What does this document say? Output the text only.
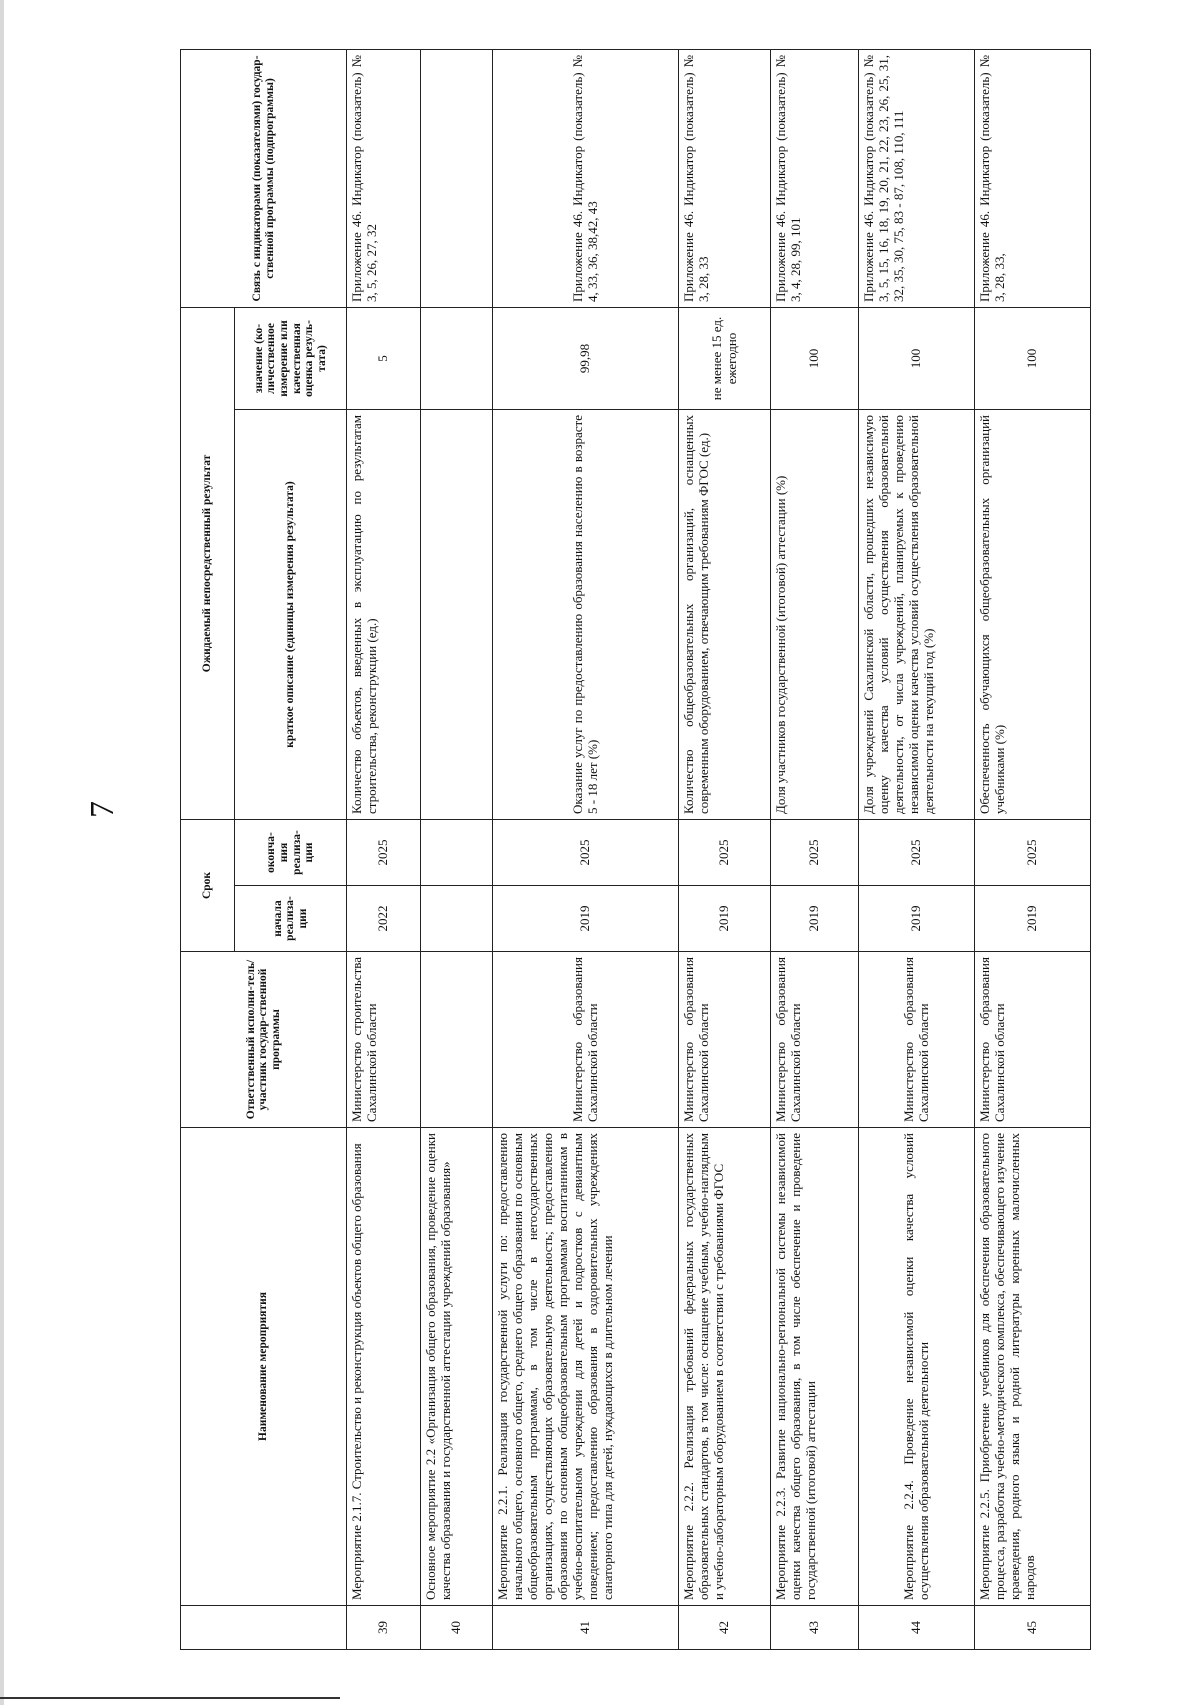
7
	Наименование мероприятия	Ответственный исполни-тель/участник государ-ственной программы	Срок		Ожидаемый непосредственный результат		Связь с индикаторами (показателями) государ-ственной программы (подпрограммы)
			начала реализа-ции	оконча-ния реализа-ции	краткое описание (единицы измерения результата)	значение (ко-личественное измерение или качественная оценка резуль-тата)	
39	Мероприятие 2.1.7. Строительство и реконструкция объектов общего образования	Министерство строительства Сахалинской области	2022	2025	Количество объектов, введенных в эксплуатацию по результатам строительства, реконструкции (ед.)	5	Приложение 46. Индикатор (показатель) № 3, 5, 26, 27, 32
40	Основное мероприятие 2.2 «Организация общего образования, проведение оценки качества образования и государственной аттестации учреждений образования»						
41	Мероприятие 2.2.1. Реализация государственной услуги по: предоставлению начального общего, основного общего, среднего общего образования по основным общеобразовательным программам, в том числе в негосударственных организациях, осуществляющих образовательную деятельность; предоставлению образования по основным общеобразовательным программам воспитанникам в учебно-воспитательном учреждении для детей и подростков с девиантным поведением; предоставлению образования в оздоровительных учреждениях санаторного типа для детей, нуждающихся в длительном лечении	Министерство образования Сахалинской области	2019	2025	Оказание услуг по предоставлению образования населению в возрасте 5 - 18 лет (%)	99,98	Приложение 46. Индикатор (показатель) № 4, 33, 36, 38,42, 43
42	Мероприятие 2.2.2. Реализация требований федеральных государственных образовательных стандартов, в том числе: оснащение учебным, учебно-наглядным и учебно-лабораторным оборудованием в соответствии с требованиями ФГОС	Министерство образования Сахалинской области	2019	2025	Количество общеобразовательных организаций, оснащенных современным оборудованием, отвечающим требованиям ФГОС (ед.)	не менее 15 ед. ежегодно	Приложение 46. Индикатор (показатель) № 3, 28, 33
43	Мероприятие 2.2.3. Развитие национально-региональной системы независимой оценки качества общего образования, в том числе обеспечение и проведение государственной (итоговой) аттестации	Министерство образования Сахалинской области	2019	2025	Доля участников государственной (итоговой) аттестации (%)	100	Приложение 46. Индикатор (показатель) № 3, 4, 28, 99, 101
44	Мероприятие 2.2.4. Проведение независимой оценки качества условий осуществления образовательной деятельности	Министерство образования Сахалинской области	2019	2025	Доля учреждений Сахалинской области, прошедших независимую оценку качества условий осуществления образовательной деятельности, от числа учреждений, планируемых к проведению независимой оценки качества условий осуществления образовательной деятельности на текущий год (%)	100	Приложение 46. Индикатор (показатель) № 3, 5, 15, 16, 18, 19, 20, 21, 22, 23, 26, 25, 31, 32, 35, 30, 75, 83 - 87, 108, 110, 111
45	Мероприятие 2.2.5. Приобретение учебников для обеспечения образовательного процесса, разработка учебно-методического комплекса, обеспечивающего изучение краеведения, родного языка и родной литературы коренных малочисленных народов	Министерство образования Сахалинской области	2019	2025	Обеспеченность обучающихся общеобразовательных организаций учебниками (%)	100	Приложение 46. Индикатор (показатель) № 3, 28, 33,
